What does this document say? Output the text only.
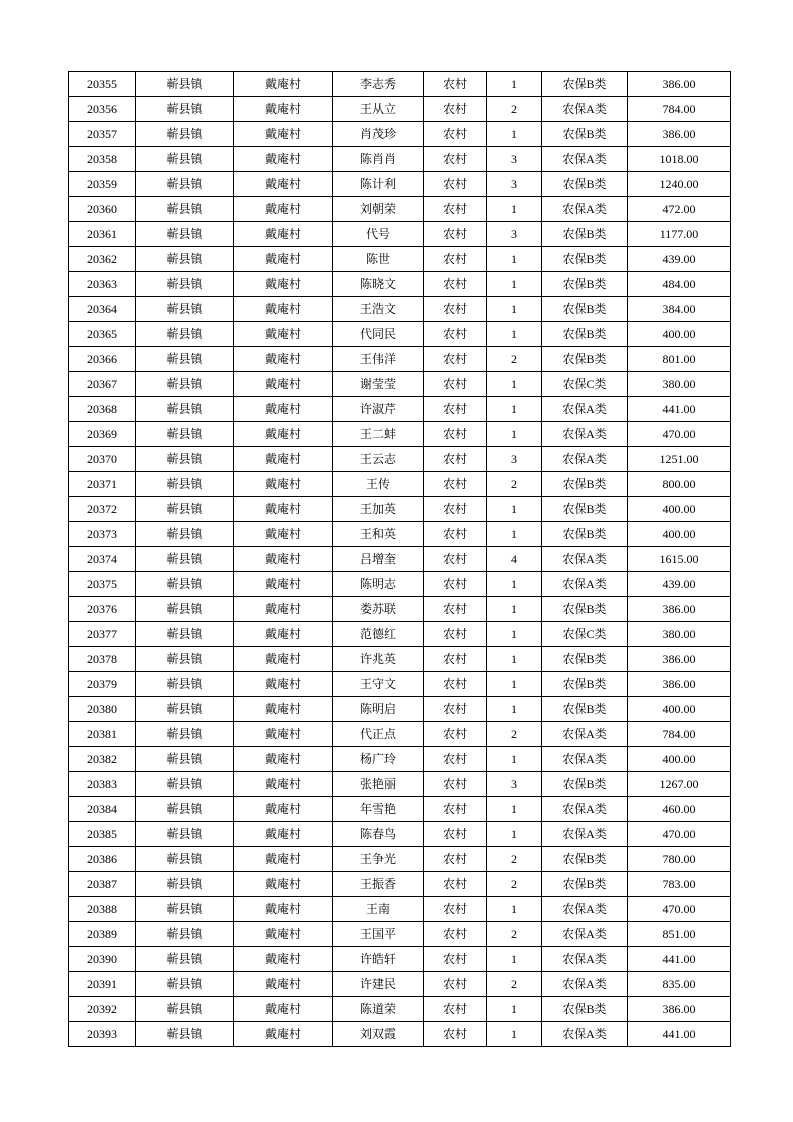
20355	蕲县镇	戴庵村	李志秀	农村	1	农保B类	386.00
20356	蕲县镇	戴庵村	王从立	农村	2	农保A类	784.00
20357	蕲县镇	戴庵村	肖茂珍	农村	1	农保B类	386.00
20358	蕲县镇	戴庵村	陈肖肖	农村	3	农保A类	1018.00
20359	蕲县镇	戴庵村	陈计利	农村	3	农保B类	1240.00
20360	蕲县镇	戴庵村	刘朝荣	农村	1	农保A类	472.00
20361	蕲县镇	戴庵村	代号	农村	3	农保B类	1177.00
20362	蕲县镇	戴庵村	陈世	农村	1	农保B类	439.00
20363	蕲县镇	戴庵村	陈晓文	农村	1	农保B类	484.00
20364	蕲县镇	戴庵村	王浩文	农村	1	农保B类	384.00
20365	蕲县镇	戴庵村	代同民	农村	1	农保B类	400.00
20366	蕲县镇	戴庵村	王伟洋	农村	2	农保B类	801.00
20367	蕲县镇	戴庵村	谢莹莹	农村	1	农保C类	380.00
20368	蕲县镇	戴庵村	许淑芹	农村	1	农保A类	441.00
20369	蕲县镇	戴庵村	王二蚌	农村	1	农保A类	470.00
20370	蕲县镇	戴庵村	王云志	农村	3	农保A类	1251.00
20371	蕲县镇	戴庵村	王传	农村	2	农保B类	800.00
20372	蕲县镇	戴庵村	王加英	农村	1	农保B类	400.00
20373	蕲县镇	戴庵村	王和英	农村	1	农保B类	400.00
20374	蕲县镇	戴庵村	吕增奎	农村	4	农保A类	1615.00
20375	蕲县镇	戴庵村	陈明志	农村	1	农保A类	439.00
20376	蕲县镇	戴庵村	娄苏联	农村	1	农保B类	386.00
20377	蕲县镇	戴庵村	范德红	农村	1	农保C类	380.00
20378	蕲县镇	戴庵村	许兆英	农村	1	农保B类	386.00
20379	蕲县镇	戴庵村	王守文	农村	1	农保B类	386.00
20380	蕲县镇	戴庵村	陈明启	农村	1	农保B类	400.00
20381	蕲县镇	戴庵村	代正点	农村	2	农保A类	784.00
20382	蕲县镇	戴庵村	杨广玲	农村	1	农保A类	400.00
20383	蕲县镇	戴庵村	张艳丽	农村	3	农保B类	1267.00
20384	蕲县镇	戴庵村	年雪艳	农村	1	农保A类	460.00
20385	蕲县镇	戴庵村	陈春鸟	农村	1	农保A类	470.00
20386	蕲县镇	戴庵村	王争光	农村	2	农保B类	780.00
20387	蕲县镇	戴庵村	王振香	农村	2	农保B类	783.00
20388	蕲县镇	戴庵村	王南	农村	1	农保A类	470.00
20389	蕲县镇	戴庵村	王国平	农村	2	农保A类	851.00
20390	蕲县镇	戴庵村	许皓轩	农村	1	农保A类	441.00
20391	蕲县镇	戴庵村	许建民	农村	2	农保A类	835.00
20392	蕲县镇	戴庵村	陈道荣	农村	1	农保B类	386.00
20393	蕲县镇	戴庵村	刘双霞	农村	1	农保A类	441.00
